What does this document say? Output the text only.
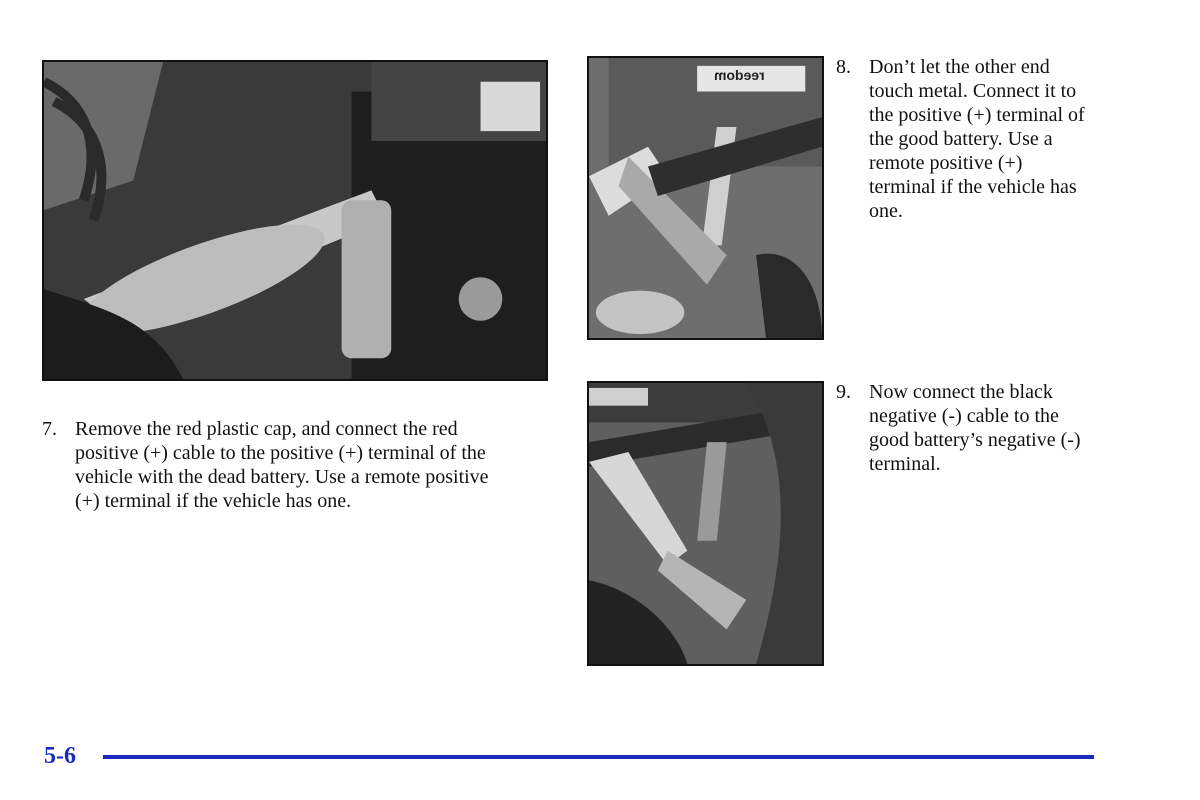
reedom
7. Remove the red plastic cap, and connect the red positive (+) cable to the positive (+) terminal of the vehicle with the dead battery. Use a remote positive (+) terminal if the vehicle has one.
8. Don’t let the other end touch metal. Connect it to the positive (+) terminal of the good battery. Use a remote positive (+) terminal if the vehicle has one.
9. Now connect the black negative (-) cable to the good battery’s negative (-) terminal.
5-6
